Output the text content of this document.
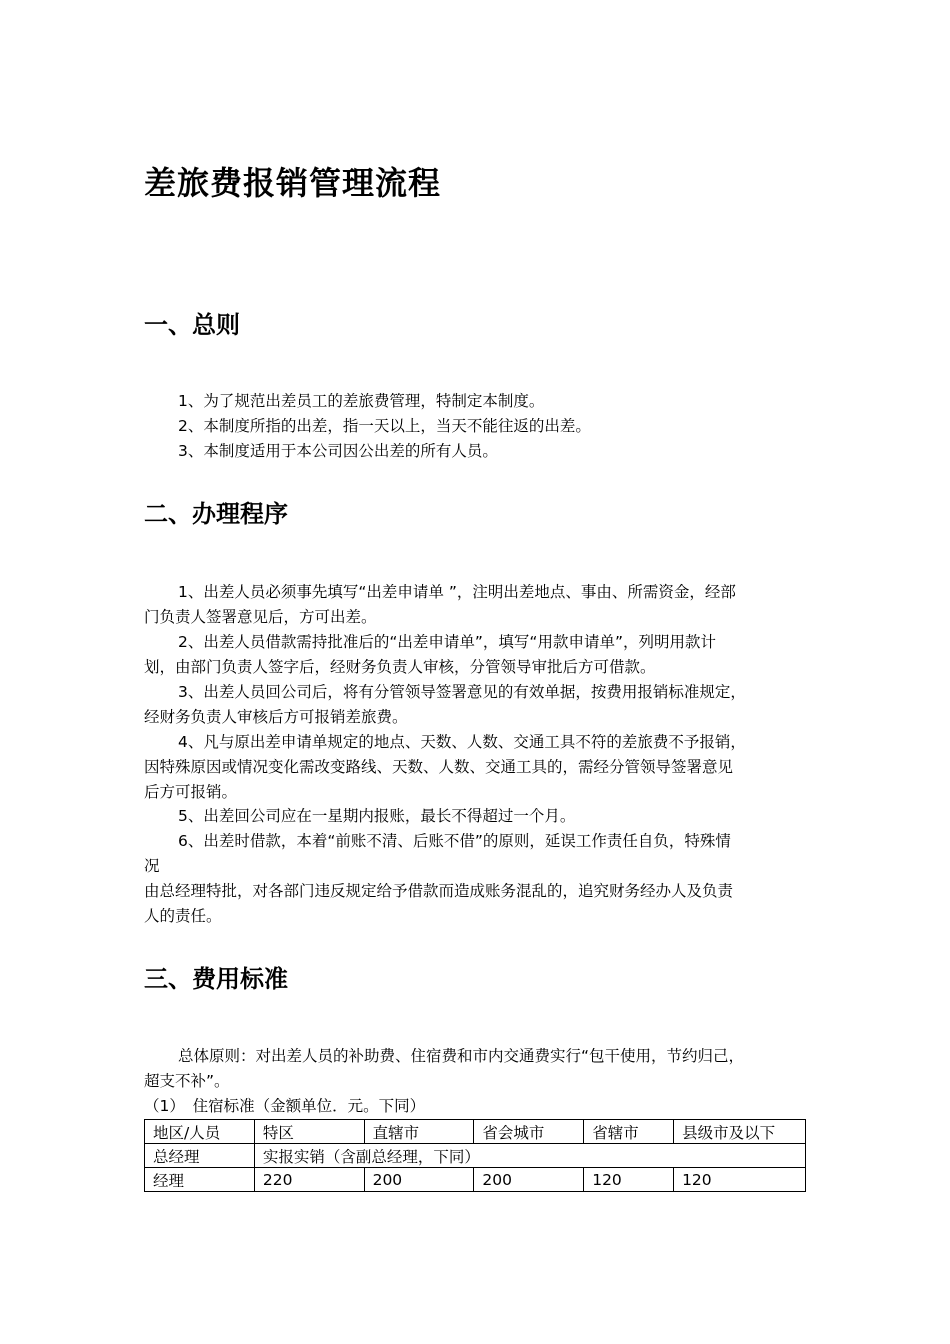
差旅费报销管理流程
一、总则
1、为了规范出差员工的差旅费管理，特制定本制度。
2、本制度所指的出差，指一天以上，当天不能往返的出差。
3、本制度适用于本公司因公出差的所有人员。
二、办理程序
1、出差人员必须事先填写“出差申请单 ”，注明出差地点、事由、所需资金，经部
门负责人签署意见后，方可出差。
2、出差人员借款需持批准后的“出差申请单”，填写“用款申请单”，列明用款计
划，由部门负责人签字后，经财务负责人审核，分管领导审批后方可借款。
3、出差人员回公司后，将有分管领导签署意见的有效单据，按费用报销标准规定，
经财务负责人审核后方可报销差旅费。
4、凡与原出差申请单规定的地点、天数、人数、交通工具不符的差旅费不予报销，
因特殊原因或情况变化需改变路线、天数、人数、交通工具的，需经分管领导签署意见
后方可报销。
5、出差回公司应在一星期内报账，最长不得超过一个月。
6、出差时借款，本着“前账不清、后账不借”的原则，延误工作责任自负，特殊情
况
由总经理特批，对各部门违反规定给予借款而造成账务混乱的，追究财务经办人及负责
人的责任。
三、费用标准
总体原则：对出差人员的补助费、住宿费和市内交通费实行“包干使用，节约归己，
超支不补”。
（1）　住宿标准（金额单位．元。下同）
地区/人员	特区	直辖市	省会城市	省辖市	县级市及以下
总经理	实报实销（含副总经理，下同）				
经理	220	200	200	120	120
